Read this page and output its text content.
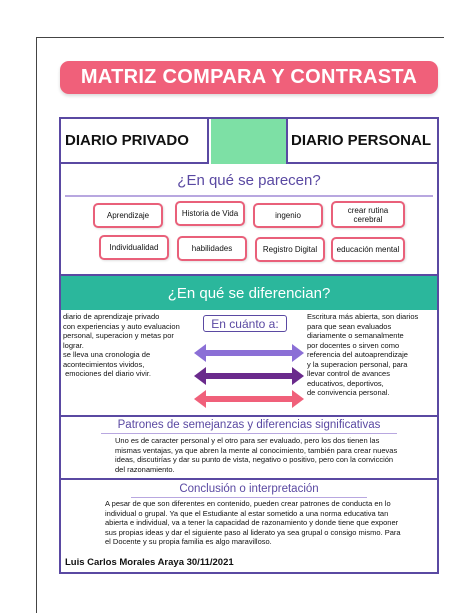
MATRIZ COMPARA Y CONTRASTA
DIARIO PRIVADO	DIARIO PERSONAL
¿En qué se parecen?
Aprendizaje	Historia de Vida	ingenio
crear rutina cerebral
Individualidad	habilidades	Registro Digital	educación mental
¿En qué se diferencian?
diario de aprendizaje privado
con experiencias y auto evaluacion
personal, superacion y metas por
lograr.
se lleva una cronologia de
acontecimientos vividos,
emociones del diario vivir.
En cuánto a:	Escritura más abierta, son diarios
para que sean evaluados
diariamente o semanalmente
por docentes o sirven como
referencia del autoaprendizaje
y la superacion personal, para
llevar control de avances
educativos, deportivos,
de convivencia personal.
Patrones de semejanzas y diferencias significativas
Uno es de caracter personal y el otro para ser evaluado, pero los dos tienen las mismas ventajas, ya que abren la mente al conocimiento, también para crear nuevas ideas, discutirías y dar su punto de vista, negativo o positivo, pero con la convicción del razonamiento.
Conclusión o interpretación
A pesar de que son diferentes en contenido, pueden crear patrones de conducta en lo individual o grupal. Ya que el Estudiante al estar sometido a una norma educativa tan abierta e individual, va a tener la capacidad de razonamiento y donde tiene que exponer sus propias ideas y dar el siguiente paso al liderato ya sea grupal o consigo mismo. Para el Docente y su propia familia es algo maravilloso.
Luis Carlos Morales Araya 30/11/2021
